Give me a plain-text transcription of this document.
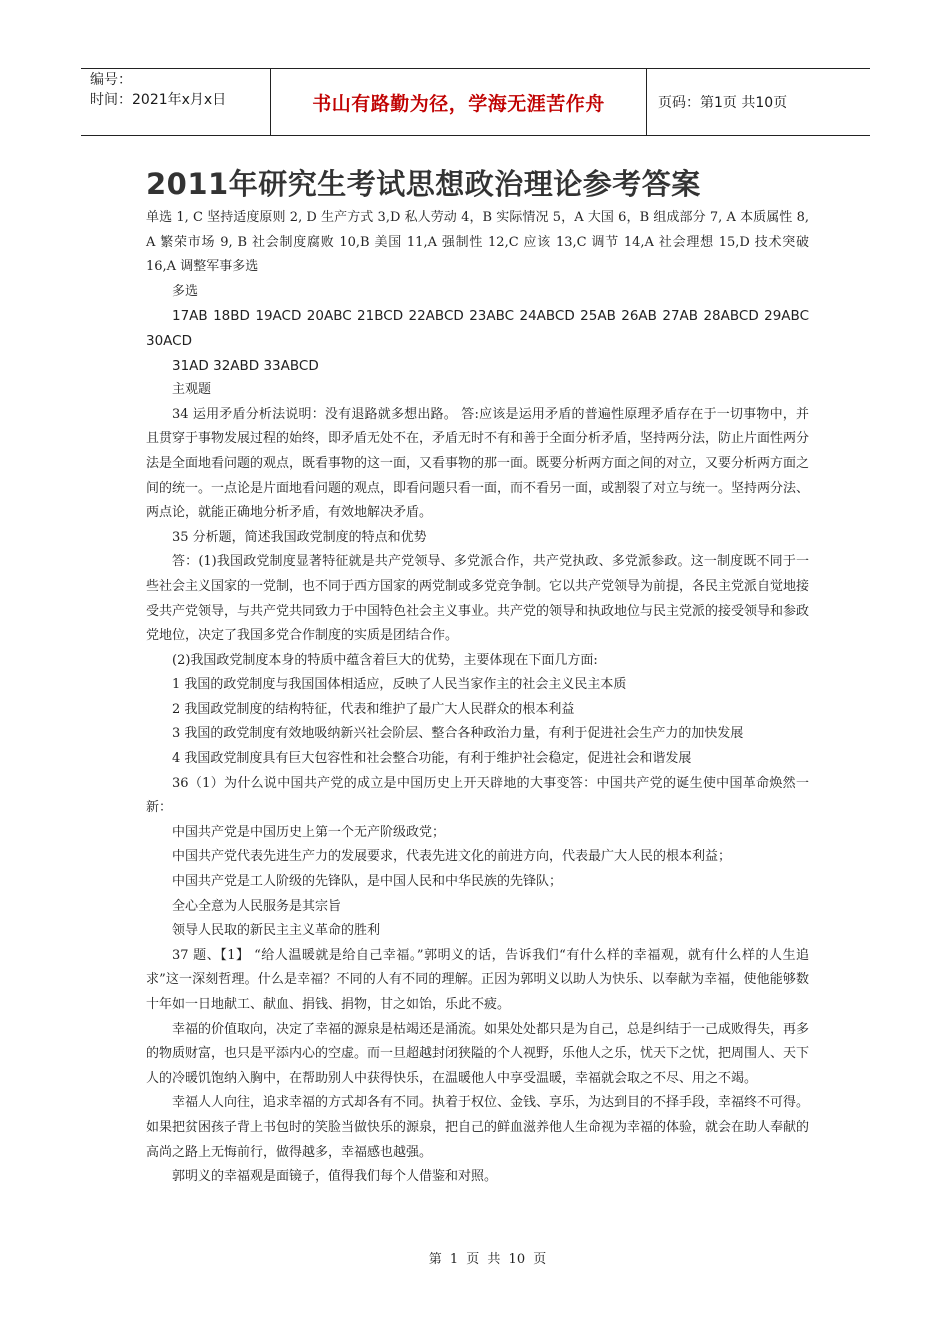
编号：
时间：2021年x月x日	书山有路勤为径，学海无涯苦作舟	页码：第1页 共10页
2011年研究生考试思想政治理论参考答案

单选 1, C 坚持适度原则 2, D 生产方式 3,D 私人劳动 4，B 实际情况 5，A 大国 6，B 组成部分 7, A 本质属性 8, A 繁荣市场 9, B 社会制度腐败 10,B 美国 11,A 强制性 12,C 应该 13,C 调节 14,A 社会理想 15,D 技术突破 16,A 调整军事多选

多选

17AB 18BD 19ACD 20ABC 21BCD 22ABCD 23ABC 24ABCD 25AB 26AB 27AB 28ABCD 29ABC 30ACD

31AD 32ABD 33ABCD

主观题

34 运用矛盾分析法说明：没有退路就多想出路。 答:应该是运用矛盾的普遍性原理矛盾存在于一切事物中，并且贯穿于事物发展过程的始终，即矛盾无处不在，矛盾无时不有和善于全面分析矛盾，坚持两分法，防止片面性两分法是全面地看问题的观点，既看事物的这一面，又看事物的那一面。既要分析两方面之间的对立，又要分析两方面之间的统一。一点论是片面地看问题的观点，即看问题只看一面，而不看另一面，或割裂了对立与统一。坚持两分法、两点论，就能正确地分析矛盾，有效地解决矛盾。

35 分析题，简述我国政党制度的特点和优势

答：(1)我国政党制度显著特征就是共产党领导、多党派合作，共产党执政、多党派参政。这一制度既不同于一些社会主义国家的一党制，也不同于西方国家的两党制或多党竞争制。它以共产党领导为前提，各民主党派自觉地接受共产党领导，与共产党共同致力于中国特色社会主义事业。共产党的领导和执政地位与民主党派的接受领导和参政党地位，决定了我国多党合作制度的实质是团结合作。

(2)我国政党制度本身的特质中蕴含着巨大的优势，主要体现在下面几方面:

1 我国的政党制度与我国国体相适应，反映了人民当家作主的社会主义民主本质

2 我国政党制度的结构特征，代表和维护了最广大人民群众的根本利益

3 我国的政党制度有效地吸纳新兴社会阶层、整合各种政治力量，有利于促进社会生产力的加快发展

4 我国政党制度具有巨大包容性和社会整合功能，有利于维护社会稳定，促进社会和谐发展

36（1）为什么说中国共产党的成立是中国历史上开天辟地的大事变答：中国共产党的诞生使中国革命焕然一新：

中国共产党是中国历史上第一个无产阶级政党；

中国共产党代表先进生产力的发展要求，代表先进文化的前进方向，代表最广大人民的根本利益；

中国共产党是工人阶级的先锋队，是中国人民和中华民族的先锋队；

全心全意为人民服务是其宗旨

领导人民取的新民主主义革命的胜利

37 题、【1】 “给人温暖就是给自己幸福。”郭明义的话，告诉我们“有什么样的幸福观，就有什么样的人生追求”这一深刻哲理。什么是幸福？不同的人有不同的理解。正因为郭明义以助人为快乐、以奉献为幸福，使他能够数十年如一日地献工、献血、捐钱、捐物，甘之如饴，乐此不疲。

幸福的价值取向，决定了幸福的源泉是枯竭还是涌流。如果处处都只是为自己，总是纠结于一己成败得失，再多的物质财富，也只是平添内心的空虚。而一旦超越封闭狭隘的个人视野，乐他人之乐，忧天下之忧，把周围人、天下人的冷暖饥饱纳入胸中，在帮助别人中获得快乐，在温暖他人中享受温暖，幸福就会取之不尽、用之不竭。

幸福人人向往，追求幸福的方式却各有不同。执着于权位、金钱、享乐，为达到目的不择手段，幸福终不可得。如果把贫困孩子背上书包时的笑脸当做快乐的源泉，把自己的鲜血滋养他人生命视为幸福的体验，就会在助人奉献的高尚之路上无悔前行，做得越多，幸福感也越强。

郭明义的幸福观是面镜子，值得我们每个人借鉴和对照。

第 1 页 共 10 页
